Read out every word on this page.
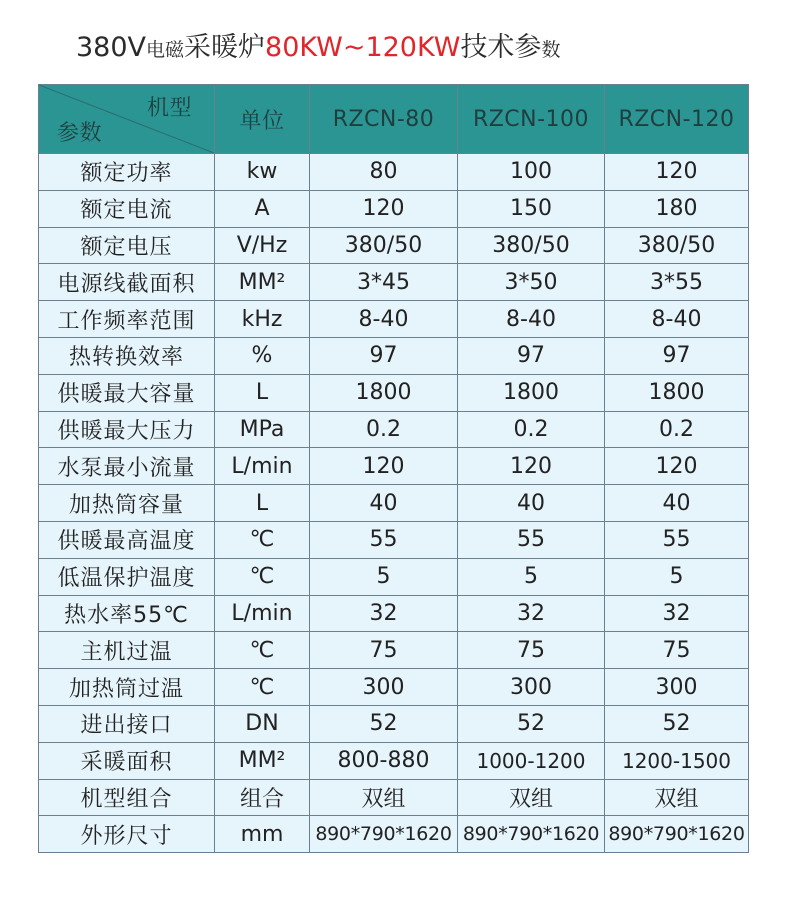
380V电磁采暖炉80KW~120KW技术参数
机型
参数	单位	RZCN-80	RZCN-100	RZCN-120
额定功率	kw	80	100	120
额定电流	A	120	150	180
额定电压	V/Hz	380/50	380/50	380/50
电源线截面积	MM²	3*45	3*50	3*55
工作频率范围	kHz	8-40	8-40	8-40
热转换效率	%	97	97	97
供暖最大容量	L	1800	1800	1800
供暖最大压力	MPa	0.2	0.2	0.2
水泵最小流量	L/min	120	120	120
加热筒容量	L	40	40	40
供暖最高温度	℃	55	55	55
低温保护温度	℃	5	5	5
热水率55℃	L/min	32	32	32
主机过温	℃	75	75	75
加热筒过温	℃	300	300	300
进出接口	DN	52	52	52
采暖面积	MM²	800-880	1000-1200	1200-1500
机型组合	组合	双组	双组	双组
外形尺寸	mm	890*790*1620	890*790*1620	890*790*1620
